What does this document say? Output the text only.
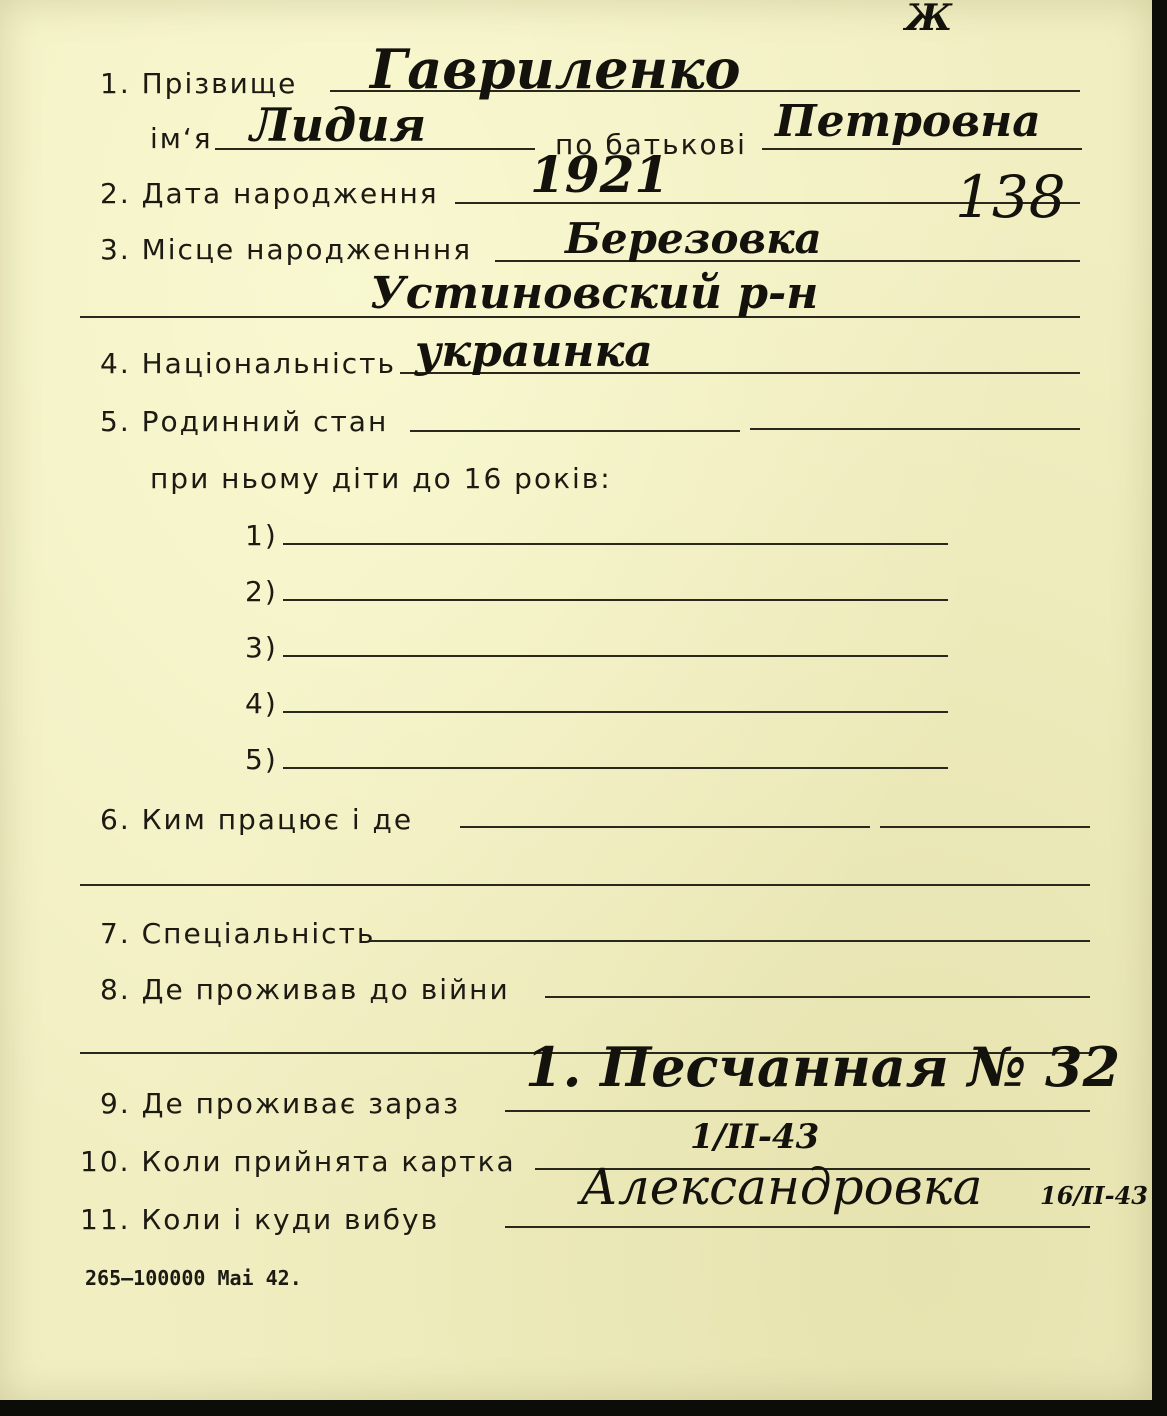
1. Прізвище Гавриленко
Ж
ім‘я Лидия	по батькові Петровна
2. Дата народження 1921	138
3. Місце народженння Березовка
Устиновский р-н
4. Національність украинка
5. Родинний стан
при ньому діти до 16 років:
1)
2)
3)
4)
5)
6. Ким працює і де
7. Спеціальність
8. Де проживав до війни
9. Де проживає зараз
1. Песчанная № 32
10. Коли прийнята картка
1/II-43
11. Коли і куди вибув
Александровка 16/II-43
265—100000 Mai 42.
